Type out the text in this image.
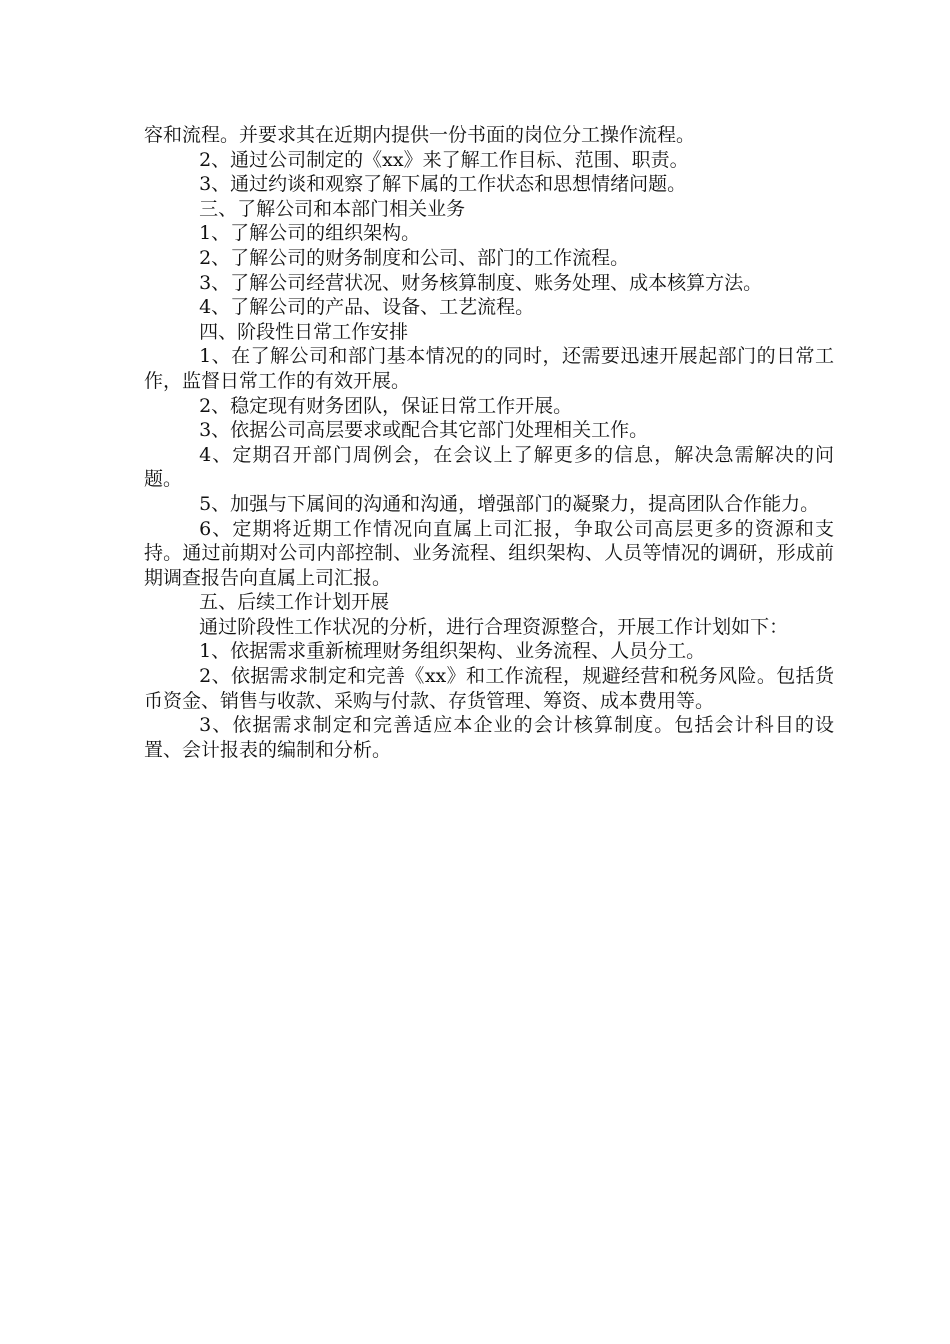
容和流程。并要求其在近期内提供一份书面的岗位分工操作流程。

2、通过公司制定的《xx》来了解工作目标、范围、职责。

3、通过约谈和观察了解下属的工作状态和思想情绪问题。

三、了解公司和本部门相关业务

1、了解公司的组织架构。

2、了解公司的财务制度和公司、部门的工作流程。

3、了解公司经营状况、财务核算制度、账务处理、成本核算方法。

4、了解公司的产品、设备、工艺流程。

四、阶段性日常工作安排

1、在了解公司和部门基本情况的的同时，还需要迅速开展起部门的日常工作，监督日常工作的有效开展。

2、稳定现有财务团队，保证日常工作开展。

3、依据公司高层要求或配合其它部门处理相关工作。

4、定期召开部门周例会，在会议上了解更多的信息，解决急需解决的问题。

5、加强与下属间的沟通和沟通，增强部门的凝聚力，提高团队合作能力。

6、定期将近期工作情况向直属上司汇报，争取公司高层更多的资源和支持。通过前期对公司内部控制、业务流程、组织架构、人员等情况的调研，形成前期调查报告向直属上司汇报。

五、后续工作计划开展

通过阶段性工作状况的分析，进行合理资源整合，开展工作计划如下：

1、依据需求重新梳理财务组织架构、业务流程、人员分工。

2、依据需求制定和完善《xx》和工作流程，规避经营和税务风险。包括货币资金、销售与收款、采购与付款、存货管理、筹资、成本费用等。

3、依据需求制定和完善适应本企业的会计核算制度。包括会计科目的设置、会计报表的编制和分析。
